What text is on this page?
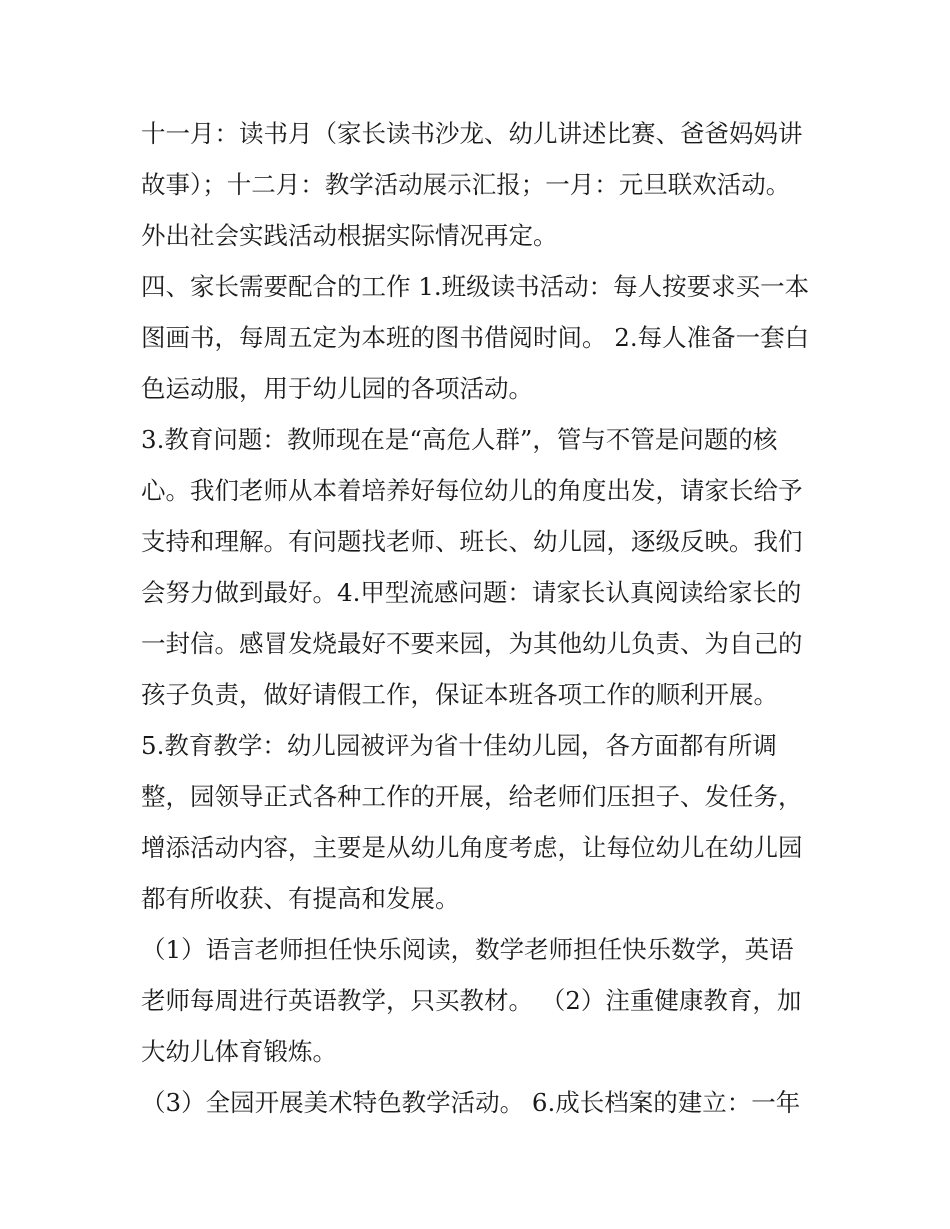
十一月：读书月（家长读书沙龙、幼儿讲述比赛、爸爸妈妈讲
故事）；十二月：教学活动展示汇报；一月：元旦联欢活动。
外出社会实践活动根据实际情况再定。
四、家长需要配合的工作 1.班级读书活动：每人按要求买一本
图画书，每周五定为本班的图书借阅时间。 2.每人准备一套白
色运动服，用于幼儿园的各项活动。
3.教育问题：教师现在是“高危人群”，管与不管是问题的核
心。我们老师从本着培养好每位幼儿的角度出发，请家长给予
支持和理解。有问题找老师、班长、幼儿园，逐级反映。我们
会努力做到最好。4.甲型流感问题：请家长认真阅读给家长的
一封信。感冒发烧最好不要来园，为其他幼儿负责、为自己的
孩子负责，做好请假工作，保证本班各项工作的顺利开展。
5.教育教学：幼儿园被评为省十佳幼儿园，各方面都有所调
整，园领导正式各种工作的开展，给老师们压担子、发任务，
增添活动内容，主要是从幼儿角度考虑，让每位幼儿在幼儿园
都有所收获、有提高和发展。
（1）语言老师担任快乐阅读，数学老师担任快乐数学，英语
老师每周进行英语教学，只买教材。 （2）注重健康教育，加
大幼儿体育锻炼。
（3）全园开展美术特色教学活动。 6.成长档案的建立：一年
